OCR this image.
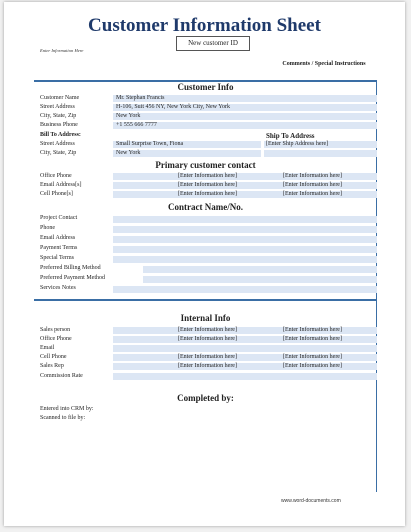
Customer Information Sheet
New customer ID
Enter Information Here
Comments / Special Instructions
Customer Info
Customer Name	Mr. Stephan Francis
Street Address	H-106, Suit 456 NY, New York City, New York
City, State, Zip	New York
Business Phone	+1 555 666 7777
Bill To Address:	Ship To Address
Street Address	Small Surprise Town, Fiona	[Enter Ship Address here]
City, State, Zip	New York
Primary customer contact
Office Phone	[Enter Information here]	[Enter Information here]
Email Address[s]	[Enter Information here]	[Enter Information here]
Cell Phone[s]	[Enter Information here]	[Enter Information here]
Contract Name/No.
Project Contact
Phone
Email Address
Payment Terms
Special Terms
Preferred Billing Method
Preferred Payment Method
Services Notes
Internal Info
Sales person	[Enter Information here]	[Enter Information here]
Office Phone	[Enter Information here]	[Enter Information here]
Email
Cell Phone	[Enter Information here]	[Enter Information here]
Sales Rep	[Enter Information here]	[Enter Information here]
Commission Rate
Completed by:
Entered into CRM by:
Scanned to file by:
www.word-documents.com
